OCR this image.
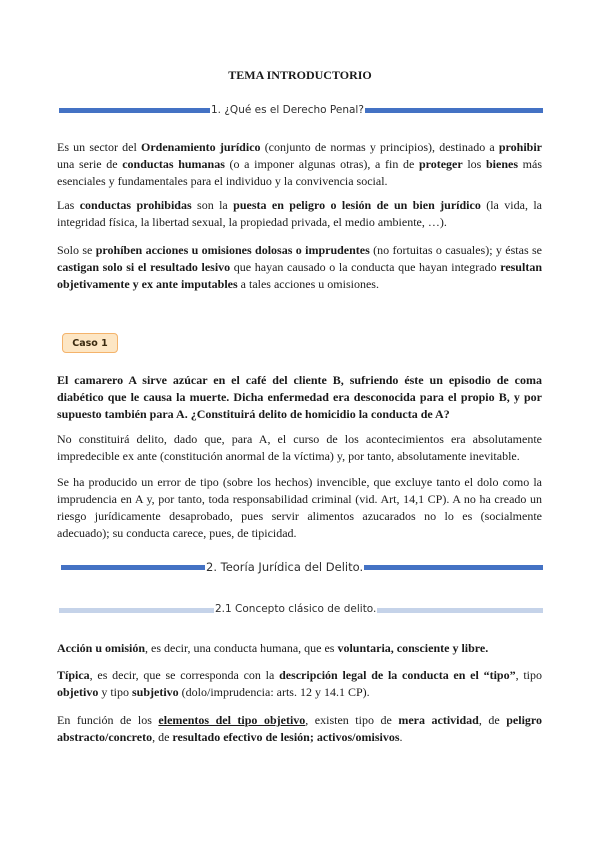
TEMA INTRODUCTORIO
1. ¿Qué es el Derecho Penal?
Es un sector del Ordenamiento jurídico (conjunto de normas y principios), destinado a prohibir una serie de conductas humanas (o a imponer algunas otras), a fin de proteger los bienes más esenciales y fundamentales para el individuo y la convivencia social.
Las conductas prohibidas son la puesta en peligro o lesión de un bien jurídico (la vida, la integridad física, la libertad sexual, la propiedad privada, el medio ambiente, …).
Solo se prohíben acciones u omisiones dolosas o imprudentes (no fortuitas o casuales); y éstas se castigan solo si el resultado lesivo que hayan causado o la conducta que hayan integrado resultan objetivamente y ex ante imputables a tales acciones u omisiones.
Caso 1
El camarero A sirve azúcar en el café del cliente B, sufriendo éste un episodio de coma diabético que le causa la muerte. Dicha enfermedad era desconocida para el propio B, y por supuesto también para A. ¿Constituirá delito de homicidio la conducta de A?
No constituirá delito, dado que, para A, el curso de los acontecimientos era absolutamente impredecible ex ante (constitución anormal de la víctima) y, por tanto, absolutamente inevitable.
Se ha producido un error de tipo (sobre los hechos) invencible, que excluye tanto el dolo como la imprudencia en A y, por tanto, toda responsabilidad criminal (vid. Art, 14,1 CP). A no ha creado un riesgo jurídicamente desaprobado, pues servir alimentos azucarados no lo es (socialmente adecuado); su conducta carece, pues, de tipicidad.
2. Teoría Jurídica del Delito.
2.1 Concepto clásico de delito.
Acción u omisión, es decir, una conducta humana, que es voluntaria, consciente y libre.
Típica, es decir, que se corresponda con la descripción legal de la conducta en el “tipo”, tipo objetivo y tipo subjetivo (dolo/imprudencia: arts. 12 y 14.1 CP).
En función de los elementos del tipo objetivo, existen tipo de mera actividad, de peligro abstracto/concreto, de resultado efectivo de lesión; activos/omisivos.
